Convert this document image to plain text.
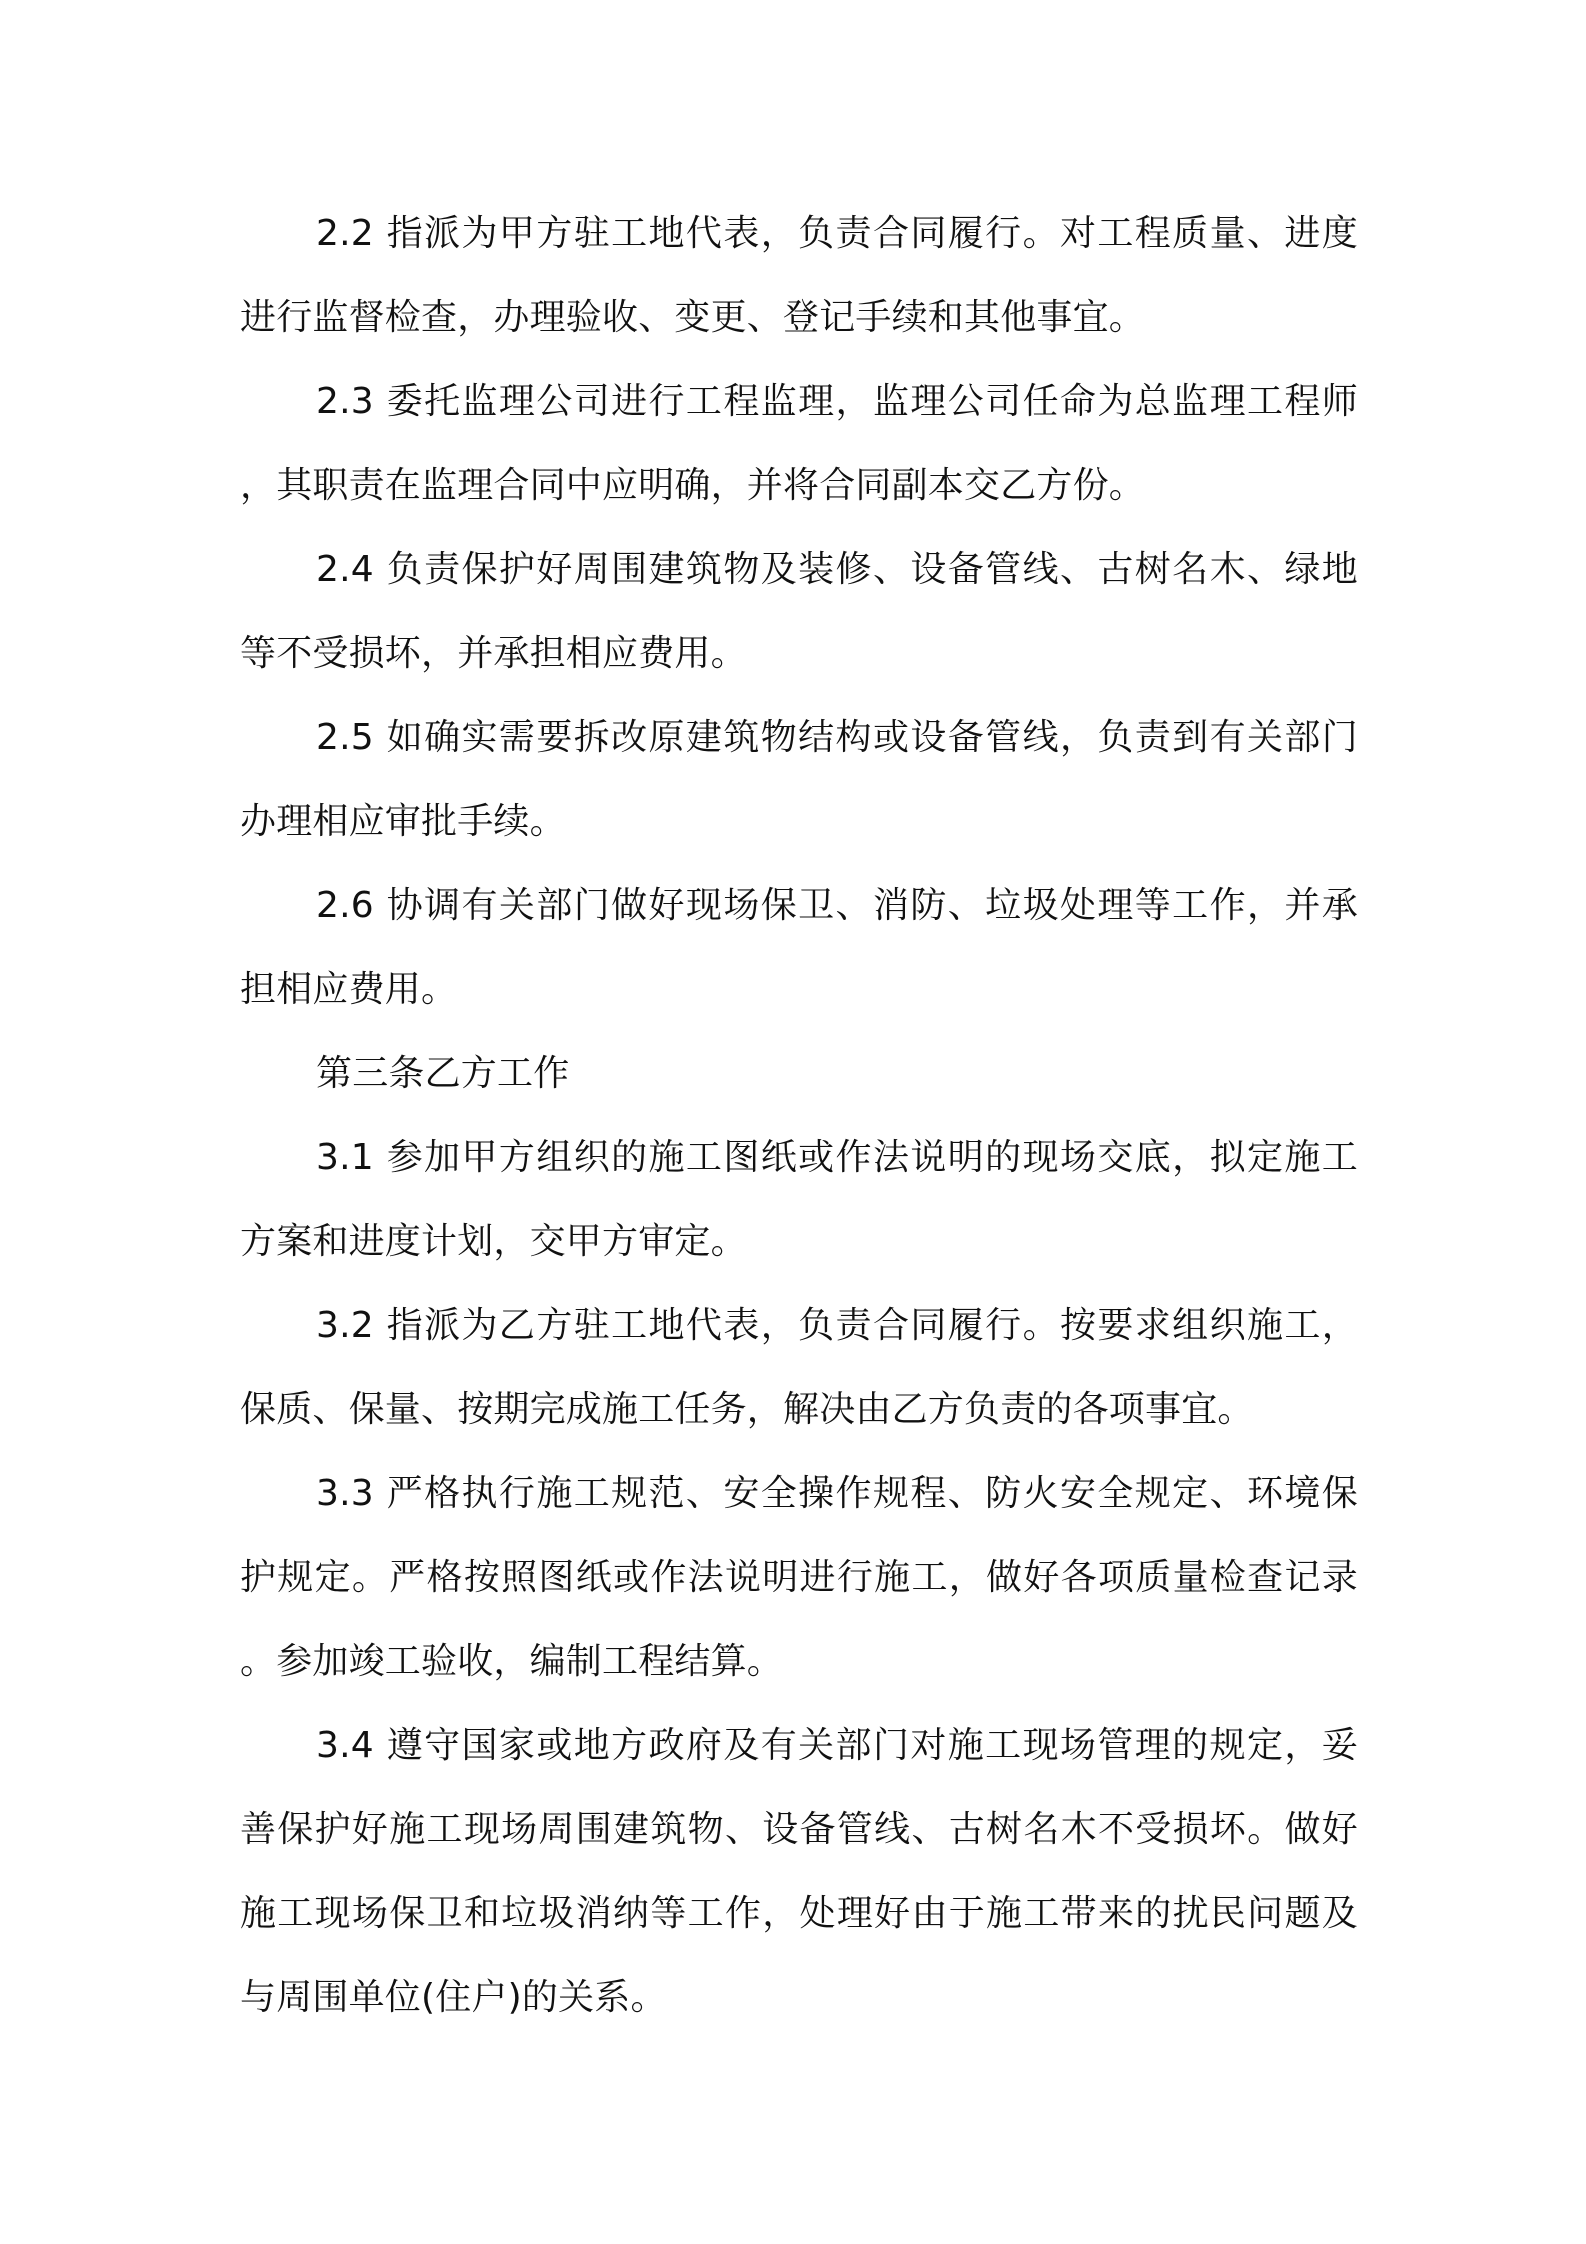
2.2 指派为甲方驻工地代表，负责合同履行。对工程质量、进度进行监督检查，办理验收、变更、登记手续和其他事宜。

2.3 委托监理公司进行工程监理，监理公司任命为总监理工程师，其职责在监理合同中应明确，并将合同副本交乙方份。

2.4 负责保护好周围建筑物及装修、设备管线、古树名木、绿地等不受损坏，并承担相应费用。

2.5 如确实需要拆改原建筑物结构或设备管线，负责到有关部门办理相应审批手续。

2.6 协调有关部门做好现场保卫、消防、垃圾处理等工作，并承担相应费用。

第三条乙方工作

3.1 参加甲方组织的施工图纸或作法说明的现场交底，拟定施工方案和进度计划，交甲方审定。

3.2 指派为乙方驻工地代表，负责合同履行。按要求组织施工，保质、保量、按期完成施工任务，解决由乙方负责的各项事宜。

3.3 严格执行施工规范、安全操作规程、防火安全规定、环境保护规定。严格按照图纸或作法说明进行施工，做好各项质量检查记录。参加竣工验收，编制工程结算。

3.4 遵守国家或地方政府及有关部门对施工现场管理的规定，妥善保护好施工现场周围建筑物、设备管线、古树名木不受损坏。做好施工现场保卫和垃圾消纳等工作，处理好由于施工带来的扰民问题及与周围单位(住户)的关系。
